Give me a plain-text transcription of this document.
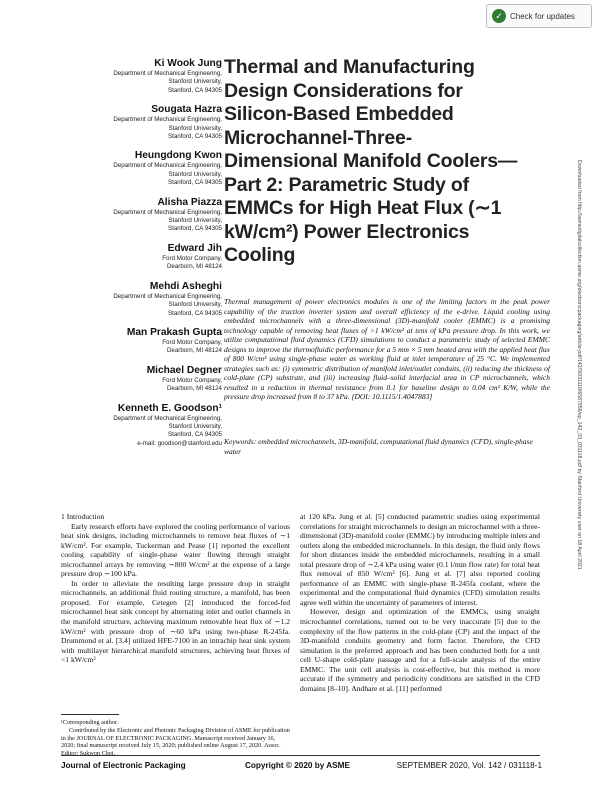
✓ Check for updates
Downloaded from http://asmedigitalcollection.asme.org/electronicpackaging/article-pdf/142/3/031118/6587956/ep_142_03_031118.pdf by Stanford University user on 18 April 2021
Ki Wook Jung
Department of Mechanical Engineering,
Stanford University,
Stanford, CA 94305
Sougata Hazra
Department of Mechanical Engineering,
Stanford University,
Stanford, CA 94305
Heungdong Kwon
Department of Mechanical Engineering,
Stanford University,
Stanford, CA 94305
Alisha Piazza
Department of Mechanical Engineering,
Stanford University,
Stanford, CA 94305
Edward Jih
Ford Motor Company,
Dearborn, MI 48124
Mehdi Asheghi
Department of Mechanical Engineering,
Stanford University,
Stanford, CA 94305
Man Prakash Gupta
Ford Motor Company,
Dearborn, MI 48124
Michael Degner
Ford Motor Company,
Dearborn, MI 48124
Kenneth E. Goodson¹
Department of Mechanical Engineering,
Stanford University,
Stanford, CA 94305
e-mail: goodson@stanford.edu
Thermal and Manufacturing Design Considerations for Silicon-Based Embedded Microchannel-Three-Dimensional Manifold Coolers—Part 2: Parametric Study of EMMCs for High Heat Flux (∼1 kW/cm²) Power Electronics Cooling
Thermal management of power electronics modules is one of the limiting factors in the peak power capability of the traction inverter system and overall efficiency of the e-drive. Liquid cooling using embedded microchannels with a three-dimensional (3D)-manifold cooler (EMMC) is a promising technology capable of removing heat fluxes of >1 kW/cm² at tens of kPa pressure drop. In this work, we utilize computational fluid dynamics (CFD) simulations to conduct a parametric study of selected EMMC designs to improve the thermofluidic performance for a 5 mm × 5 mm heated area with the applied heat flux of 800 W/cm² using single-phase water as working fluid at inlet temperature of 25 °C. We implemented strategies such as: (i) symmetric distribution of manifold inlet/outlet conduits, (ii) reducing the thickness of cold-plate (CP) substrate, and (iii) increasing fluid–solid interfacial area in CP microchannels, which resulted in a reduction in thermal resistance from 0.1 for baseline design to 0.04 cm² K/W, while the pressure drop increased from 8 to 37 kPa. [DOI: 10.1115/1.4047883]
Keywords: embedded microchannels, 3D-manifold, computational fluid dynamics (CFD), single-phase water

1 Introduction

Early research efforts have explored the cooling performance of various heat sink designs, including microchannels to remove heat fluxes of ∼1 kW/cm². For example, Tuckerman and Pease [1] reported the excellent cooling capability of single-phase water flowing through straight microchannel arrays by removing ∼800 W/cm² at the expense of a large pressure drop ∼100 kPa.

In order to alleviate the resulting large pressure drop in straight microchannels, an additional fluid routing structure, a manifold, has been proposed. For example, Cetegen [2] introduced the forced-fed microchannel heat sink concept by alternating inlet and outlet channels in the manifold structure, achieving maximum removable heat flux of ∼1.2 kW/cm² with pressure drop of ∼60 kPa using two-phase R-245fa. Drummond et al. [3,4] utilized HFE-7100 in an intrachip heat sink system with multilayer hierarchical manifold structures, achieving heat fluxes of <1 kW/cm²

at 120 kPa. Jung et al. [5] conducted parametric studies using experimental correlations for straight microchannels to design an microchannel with a three-dimensional (3D)-manifold cooler (EMMC) by introducing multiple inlets and outlets along the embedded microchannels. In this design, the fluid only flows for short distances inside the embedded microchannels, resulting in a small total pressure drop of ∼2.4 kPa using water (0.1 l/min flow rate) for total heat flux removal of 850 W/cm² [6]. Jung et al. [7] also reported cooling performance of an EMMC with single-phase R-245fa coolant, where the experimental and the computational fluid dynamics (CFD) simulation results agree well within the uncertainty of parameters of interest.

However, design and optimization of the EMMCs, using straight microchannel correlations, turned out to be very inaccurate [5] due to the complexity of the flow patterns in the cold-plate (CP) and the impact of the 3D-manifold conduits geometry and form factor. Therefore, the CFD simulation is the preferred approach and has been conducted both for a unit cell U-shape cold-plate passage and for a full-scale analysis of the entire EMMC. The unit cell analysis is cost-effective, but this method is more accurate if the symmetry and periodicity conditions are satisfied in the CFD domains [8–10]. Andhare et al. [11] performed

¹Corresponding author.
Contributed by the Electronic and Photonic Packaging Division of ASME for publication in the JOURNAL OF ELECTRONIC PACKAGING. Manuscript received January 16, 2020; final manuscript received July 15, 2020; published online August 17, 2020. Assoc. Editor: Sukwon Choi.
Journal of Electronic Packaging	Copyright © 2020 by ASME	SEPTEMBER 2020, Vol. 142 / 031118-1
